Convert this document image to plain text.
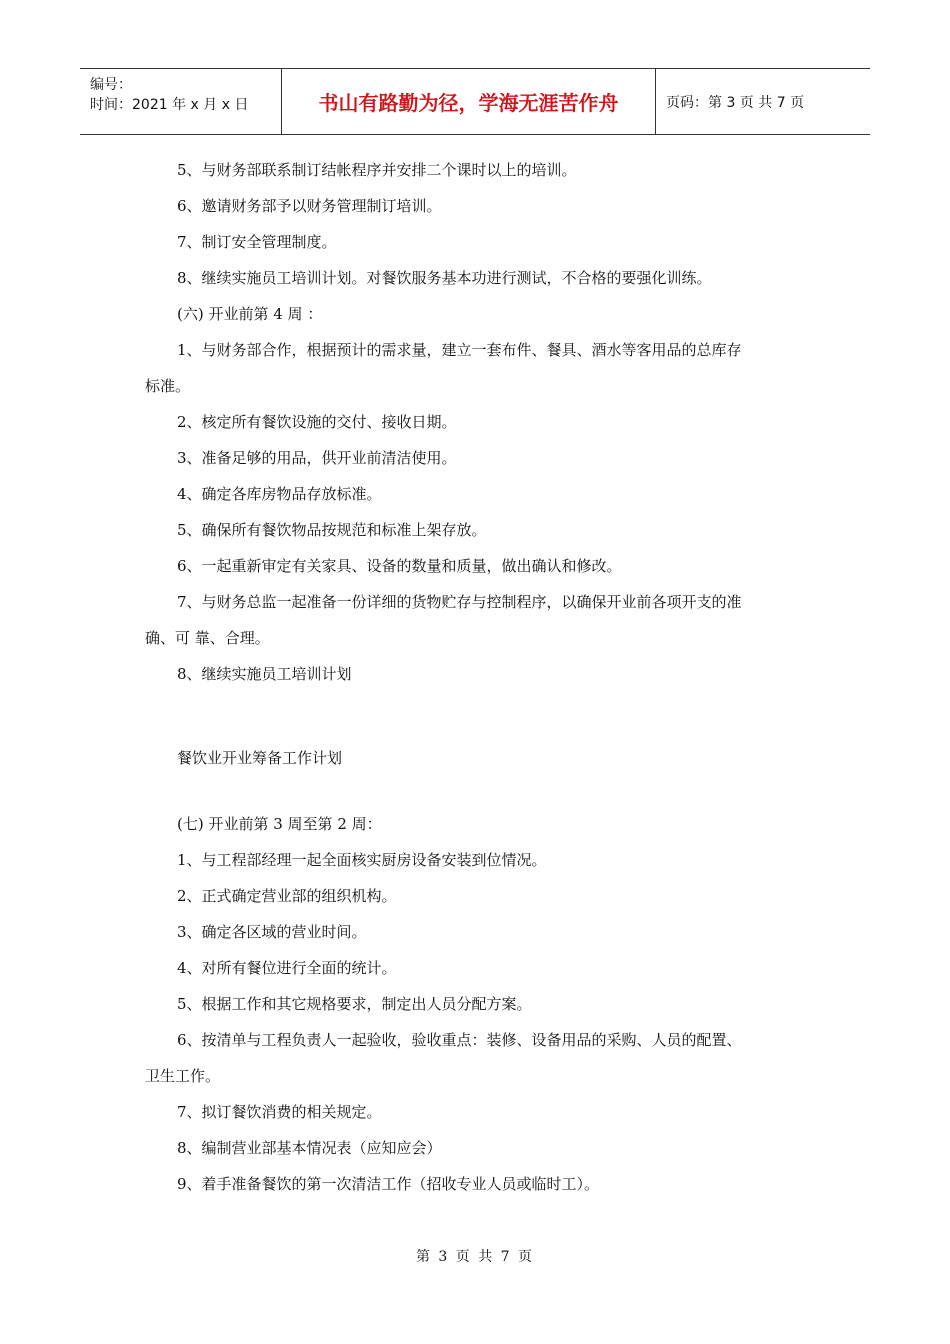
编号：
时间：2021 年 x 月 x 日	书山有路勤为径，学海无涯苦作舟	页码：第 3 页 共 7 页
5、与财务部联系制订结帐程序并安排二个课时以上的培训。
6、邀请财务部予以财务管理制订培训。
7、制订安全管理制度。
8、继续实施员工培训计划。对餐饮服务基本功进行测试，不合格的要强化训练。
(六) 开业前第 4 周 ：
1、与财务部合作，根据预计的需求量，建立一套布件、餐具、酒水等客用品的总库存
标准。
2、核定所有餐饮设施的交付、接收日期。
3、准备足够的用品，供开业前清洁使用。
4、确定各库房物品存放标准。
5、确保所有餐饮物品按规范和标准上架存放。
6、一起重新审定有关家具、设备的数量和质量，做出确认和修改。
7、与财务总监一起准备一份详细的货物贮存与控制程序，以确保开业前各项开支的准
确、可 靠、合理。
8、继续实施员工培训计划
餐饮业开业筹备工作计划
(七) 开业前第 3 周至第 2 周：
1、与工程部经理一起全面核实厨房设备安装到位情况。
2、正式确定营业部的组织机构。
3、确定各区域的营业时间。
4、对所有餐位进行全面的统计。
5、根据工作和其它规格要求，制定出人员分配方案。
6、按清单与工程负责人一起验收，验收重点：装修、设备用品的采购、人员的配置、
卫生工作。
7、拟订餐饮消费的相关规定。
8、编制营业部基本情况表（应知应会）
9、着手准备餐饮的第一次清洁工作（招收专业人员或临时工）。
第 3 页 共 7 页
